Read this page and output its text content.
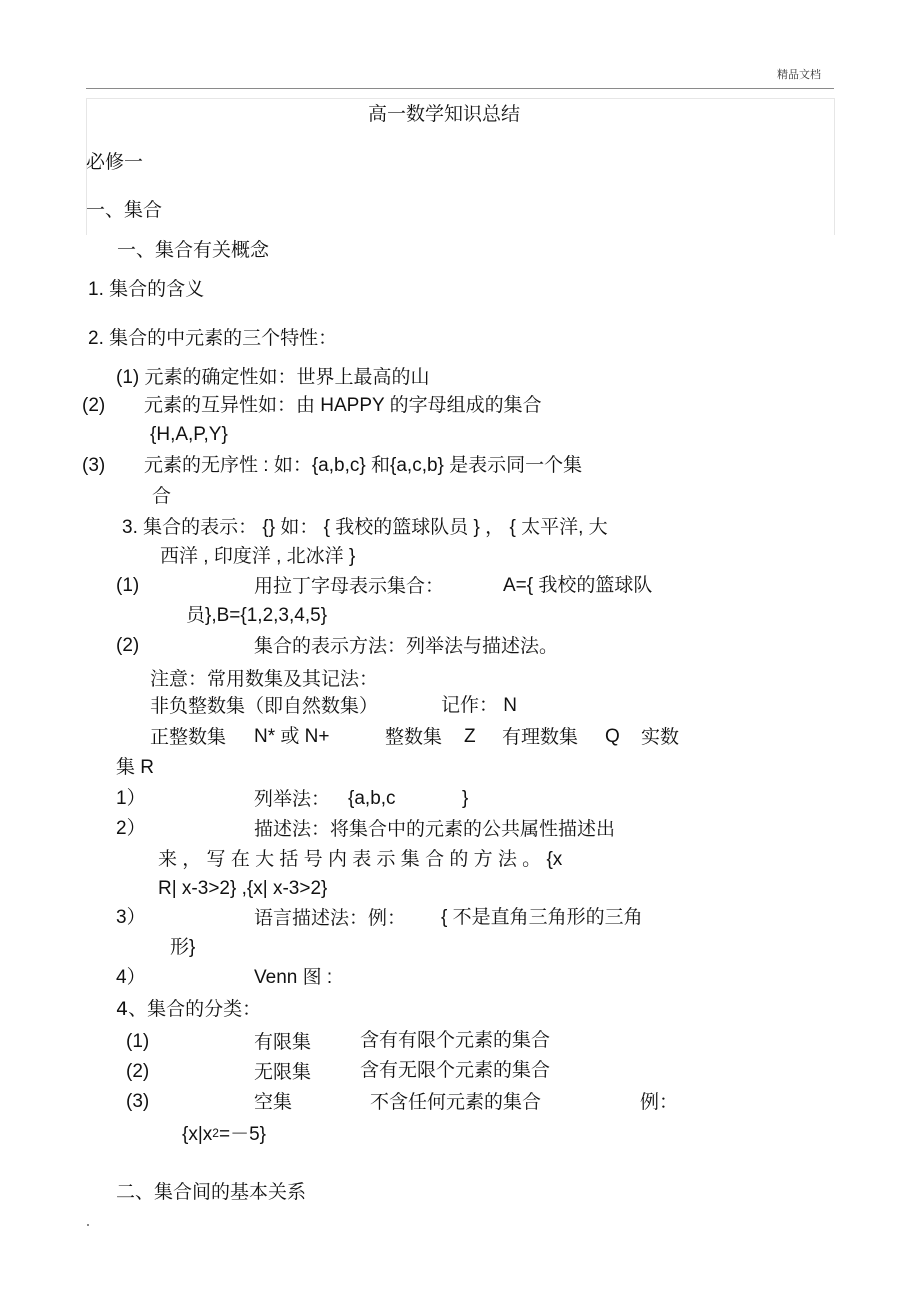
精品文档
高一数学知识总结
必修一
一、集合
一、集合有关概念
1. 集合的含义
2. 集合的中元素的三个特性：
(1) 元素的确定性如：世界上最高的山
(2) 元素的互异性如：由 HAPPY 的字母组成的集合
{H,A,P,Y}
(3) 元素的无序性 : 如：{a,b,c} 和{a,c,b} 是表示同一个集
合
3. 集合的表示： {} 如： { 我校的篮球队员 } ， { 太平洋, 大
西洋 , 印度洋 , 北冰洋 }
(1)	用拉丁字母表示集合：	A={ 我校的篮球队
员},B={1,2,3,4,5}
(2)	集合的表示方法：列举法与描述法。
注意：常用数集及其记法：
非负整数集（即自然数集）	记作： N
正整数集 N* 或 N+	整数集 Z 有理数集 Q 实数
集 R
1）	列举法： {a,b,c	}
2）	描述法：将集合中的元素的公共属性描述出
来 ， 写 在 大 括 号 内 表 示 集 合 的 方 法 。 {x
R| x-3>2} ,{x| x-3>2}
3）	语言描述法：例： { 不是直角三角形的三角
形}
4）	Venn 图 :
4、集合的分类：
(1)	有限集	含有有限个元素的集合
(2)	无限集	含有无限个元素的集合
(3)	空集	不含任何元素的集合	例：
$\{x|x^2=-5\}$
二、集合间的基本关系
